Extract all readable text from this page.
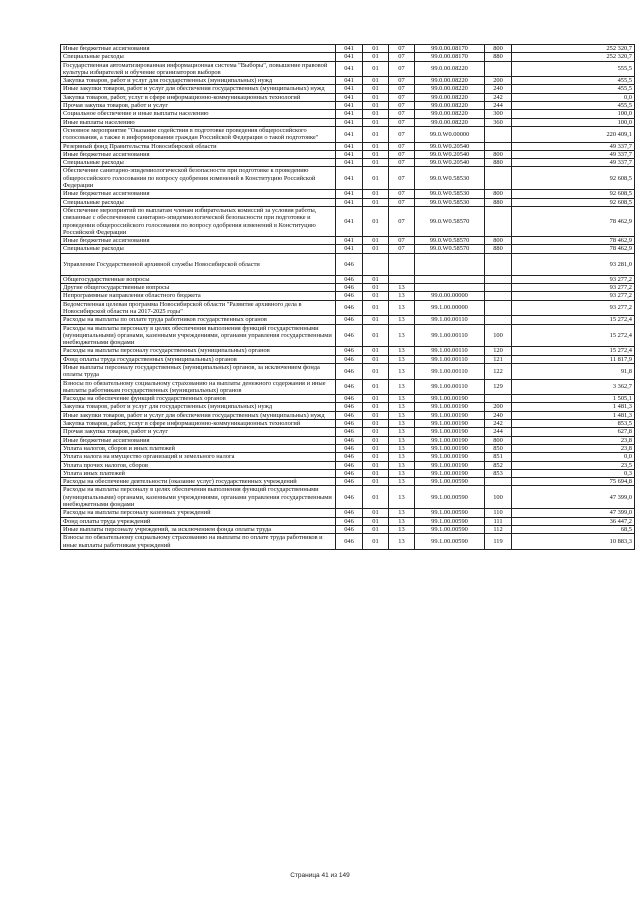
Иные бюджетные ассигнования	041	01	07	99.0.00.08170	800	252 320,7
Специальные расходы	041	01	07	99.0.00.08170	880	252 320,7
Государственная автоматизированная информационная система "Выборы", повышение правовой культуры избирателей и обучение организаторов выборов	041	01	07	99.0.00.08220		555,5
Закупка товаров, работ и услуг для государственных (муниципальных) нужд	041	01	07	99.0.00.08220	200	455,5
Иные закупки товаров, работ и услуг для обеспечения государственных (муниципальных) нужд	041	01	07	99.0.00.08220	240	455,5
Закупка товаров, работ, услуг в сфере информационно-коммуникационных технологий	041	01	07	99.0.00.08220	242	0,0
Прочая закупка товаров, работ и услуг	041	01	07	99.0.00.08220	244	455,5
Социальное обеспечение и иные выплаты населению	041	01	07	99.0.00.08220	300	100,0
Иные выплаты населению	041	01	07	99.0.00.08220	360	100,0
Основное мероприятие "Оказание содействия в подготовке проведения общероссийского голосования, а также в информировании граждан Российской Федерации о такой подготовке"	041	01	07	99.0.W0.00000		220 409,1
Резервный фонд Правительства Новосибирской области	041	01	07	99.0.W0.20540		49 337,7
Иные бюджетные ассигнования	041	01	07	99.0.W0.20540	800	49 337,7
Специальные расходы	041	01	07	99.0.W0.20540	880	49 337,7
Обеспечение санитарно-эпидемиологической безопасности при подготовке к проведению общероссийского голосования по вопросу одобрения изменений в Конституцию Российской Федерации	041	01	07	99.0.W0.58530		92 608,5
Иные бюджетные ассигнования	041	01	07	99.0.W0.58530	800	92 608,5
Специальные расходы	041	01	07	99.0.W0.58530	880	92 608,5
Обеспечение мероприятий по выплатам членам избирательных комиссий за условия работы, связанные с обеспечением санитарно-эпидемиологической безопасности при подготовке и проведении общероссийского голосования по вопросу одобрения изменений в Конституцию Российской Федерации	041	01	07	99.0.W0.58570		78 462,9
Иные бюджетные ассигнования	041	01	07	99.0.W0.58570	800	78 462,9
Специальные расходы	041	01	07	99.0.W0.58570	880	78 462,9
Управление Государственной архивной службы Новосибирской области	046					93 281,0
Общегосударственные вопросы	046	01				93 277,2
Другие общегосударственные вопросы	046	01	13			93 277,2
Непрограммные направления областного бюджета	046	01	13	99.0.00.00000		93 277,2
Ведомственная целевая программа Новосибирской области "Развитие архивного дела в Новосибирской области на 2017-2025 годы"	046	01	13	99.1.00.00000		93 277,2
Расходы на выплаты по оплате труда работников государственных органов	046	01	13	99.1.00.00110		15 272,4
Расходы на выплаты персоналу в целях обеспечения выполнения функций государственными (муниципальными) органами, казенными учреждениями, органами управления государственными внебюджетными фондами	046	01	13	99.1.00.00110	100	15 272,4
Расходы на выплаты персоналу государственных (муниципальных) органов	046	01	13	99.1.00.00110	120	15 272,4
Фонд оплаты труда государственных (муниципальных) органов	046	01	13	99.1.00.00110	121	11 817,9
Иные выплаты персоналу государственных (муниципальных) органов, за исключением фонда оплаты труда	046	01	13	99.1.00.00110	122	91,8
Взносы по обязательному социальному страхованию на выплаты денежного содержания и иные выплаты работникам государственных (муниципальных) органов	046	01	13	99.1.00.00110	129	3 362,7
Расходы на обеспечение функций государственных органов	046	01	13	99.1.00.00190		1 505,1
Закупка товаров, работ и услуг для государственных (муниципальных) нужд	046	01	13	99.1.00.00190	200	1 481,3
Иные закупки товаров, работ и услуг для обеспечения государственных (муниципальных) нужд	046	01	13	99.1.00.00190	240	1 481,3
Закупка товаров, работ, услуг в сфере информационно-коммуникационных технологий	046	01	13	99.1.00.00190	242	853,5
Прочая закупка товаров, работ и услуг	046	01	13	99.1.00.00190	244	627,8
Иные бюджетные ассигнования	046	01	13	99.1.00.00190	800	23,8
Уплата налогов, сборов и иных платежей	046	01	13	99.1.00.00190	850	23,8
Уплата налога на имущество организаций и земельного налога	046	01	13	99.1.00.00190	851	0,0
Уплата прочих налогов, сборов	046	01	13	99.1.00.00190	852	23,5
Уплата иных платежей	046	01	13	99.1.00.00190	853	0,3
Расходы на обеспечение деятельности (оказание услуг) государственных учреждений	046	01	13	99.1.00.00590		75 694,8
Расходы на выплаты персоналу в целях обеспечения выполнения функций государственными (муниципальными) органами, казенными учреждениями, органами управления государственными внебюджетными фондами	046	01	13	99.1.00.00590	100	47 399,0
Расходы на выплаты персоналу казенных учреждений	046	01	13	99.1.00.00590	110	47 399,0
Фонд оплаты труда учреждений	046	01	13	99.1.00.00590	111	36 447,2
Иные выплаты персоналу учреждений, за исключением фонда оплаты труда	046	01	13	99.1.00.00590	112	68,5
Взносы по обязательному социальному страхованию на выплаты по оплате труда работников и иные выплаты работникам учреждений	046	01	13	99.1.00.00590	119	10 883,3
Страница 41 из 149
